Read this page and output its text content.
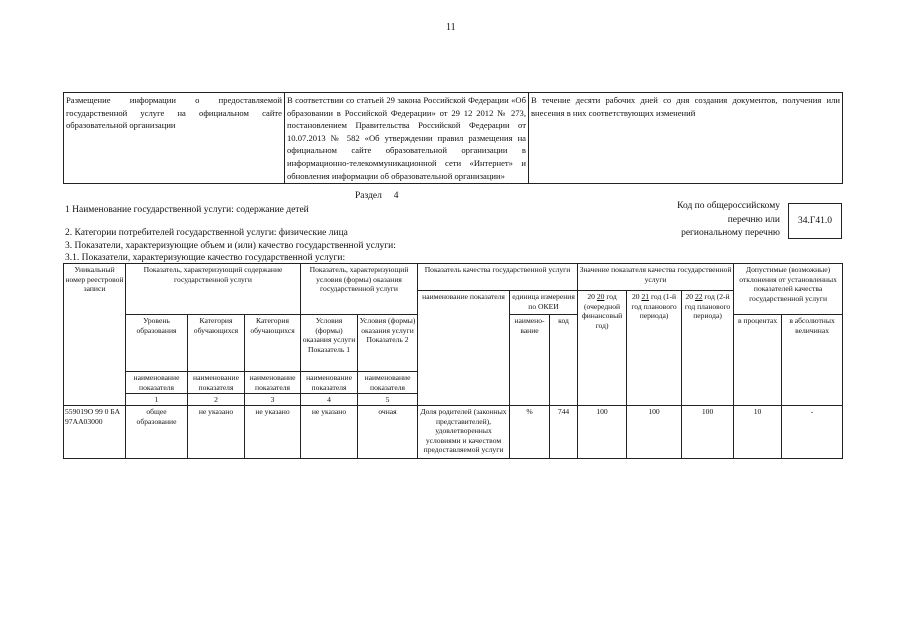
11
Размещение информации о предоставляемой государственной услуге на официальном сайте образовательной организации	В соответствии со статьей 29 закона Российской Федерации «Об образовании в Российской Федерации» от 29 12 2012 № 273, постановлением Правительства Российской Федерации от 10.07.2013 № 582 «Об утверждении правил размещения на официальном сайте образовательной организации в информационно-телекоммуникационной сети «Интернет» и обновления информации об образовательной организации»	В течение десяти рабочих дней со дня создания документов, получения или внесения в них соответствующих изменений
Раздел 4
1 Наименование государственной услуги: содержание детей
2. Категории потребителей государственной услуги: физические лица
3. Показатели, характеризующие объем и (или) качество государственной услуги:
3.1. Показатели, характеризующие качество государственной услуги:
Код по общероссийскому
перечню или
региональному перечню
34.Г41.0
Уникальный номер реестровой записи	Показатель, характеризующий содержание государственной услуги			Показатель, характеризующий условия (формы) оказания государственной услуги		Показатель качества государственной услуги			Значение показателя качества государственной услуги			Допустимые (возможные) отклонения от установленных показателей качества государственной услуги		
						наименование показателя	единица измерения по ОКЕИ		20 20 год (очередной финансовый год)	20 21 год (1-й год планового периода)	20 22 год (2-й год планового периода)			
	Уровень образования	Категория обучающихся	Категория обучающихся	Условия (формы) оказания услуги Показатель 1	Условия (формы) оказания услуги Показатель 2		наимено-вание	код				в процентах	в абсолютных величинах	
	наименование показателя	наименование показателя	наименование показателя	наименование показателя	наименование показателя									
	1	2	3	4	5									
559019О 99 0 БА 97АА03000	общее образование	не указано	не указано	не указано	очная	Доля родителей (законных представителей), удовлетворенных условиями и качеством предоставляемой услуги	%	744	100	100	100	10	-	
